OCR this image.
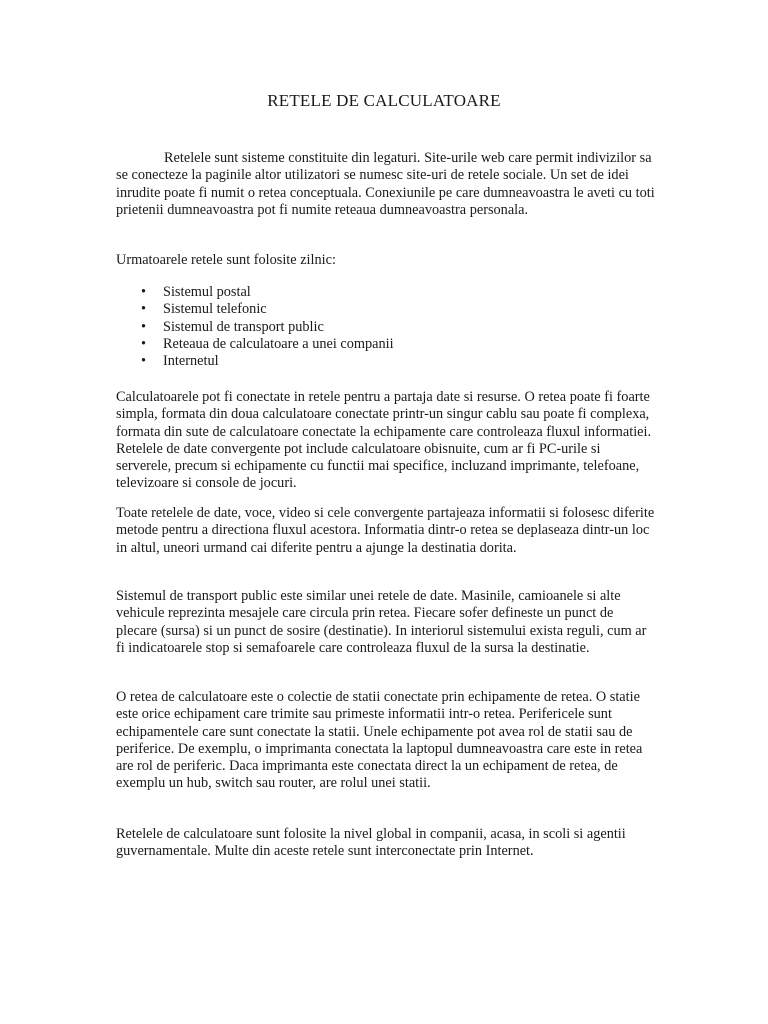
RETELE DE CALCULATOARE

Retelele sunt sisteme constituite din legaturi. Site-urile web care permit indivizilor sa se conecteze la paginile altor utilizatori se numesc site-uri de retele sociale. Un set de idei inrudite poate fi numit o retea conceptuala. Conexiunile pe care dumneavoastra le aveti cu toti prietenii dumneavoastra pot fi numite reteaua dumneavoastra personala.

Urmatoarele retele sunt folosite zilnic:

• Sistemul postal
• Sistemul telefonic
• Sistemul de transport public
• Reteaua de calculatoare a unei companii
• Internetul

Calculatoarele pot fi conectate in retele pentru a partaja date si resurse. O retea poate fi foarte simpla, formata din doua calculatoare conectate printr-un singur cablu sau poate fi complexa, formata din sute de calculatoare conectate la echipamente care controleaza fluxul informatiei. Retelele de date convergente pot include calculatoare obisnuite, cum ar fi PC-urile si serverele, precum si echipamente cu functii mai specifice, incluzand imprimante, telefoane, televizoare si console de jocuri.

Toate retelele de date, voce, video si cele convergente partajeaza informatii si folosesc diferite metode pentru a directiona fluxul acestora. Informatia dintr-o retea se deplaseaza dintr-un loc in altul, uneori urmand cai diferite pentru a ajunge la destinatia dorita.

Sistemul de transport public este similar unei retele de date. Masinile, camioanele si alte vehicule reprezinta mesajele care circula prin retea. Fiecare sofer defineste un punct de plecare (sursa) si un punct de sosire (destinatie). In interiorul sistemului exista reguli, cum ar fi indicatoarele stop si semafoarele care controleaza fluxul de la sursa la destinatie.

O retea de calculatoare este o colectie de statii conectate prin echipamente de retea. O statie este orice echipament care trimite sau primeste informatii intr-o retea. Perifericele sunt echipamentele care sunt conectate la statii. Unele echipamente pot avea rol de statii sau de periferice. De exemplu, o imprimanta conectata la laptopul dumneavoastra care este in retea are rol de periferic. Daca imprimanta este conectata direct la un echipament de retea, de exemplu un hub, switch sau router, are rolul unei statii.

Retelele de calculatoare sunt folosite la nivel global in companii, acasa, in scoli si agentii guvernamentale. Multe din aceste retele sunt interconectate prin Internet.
